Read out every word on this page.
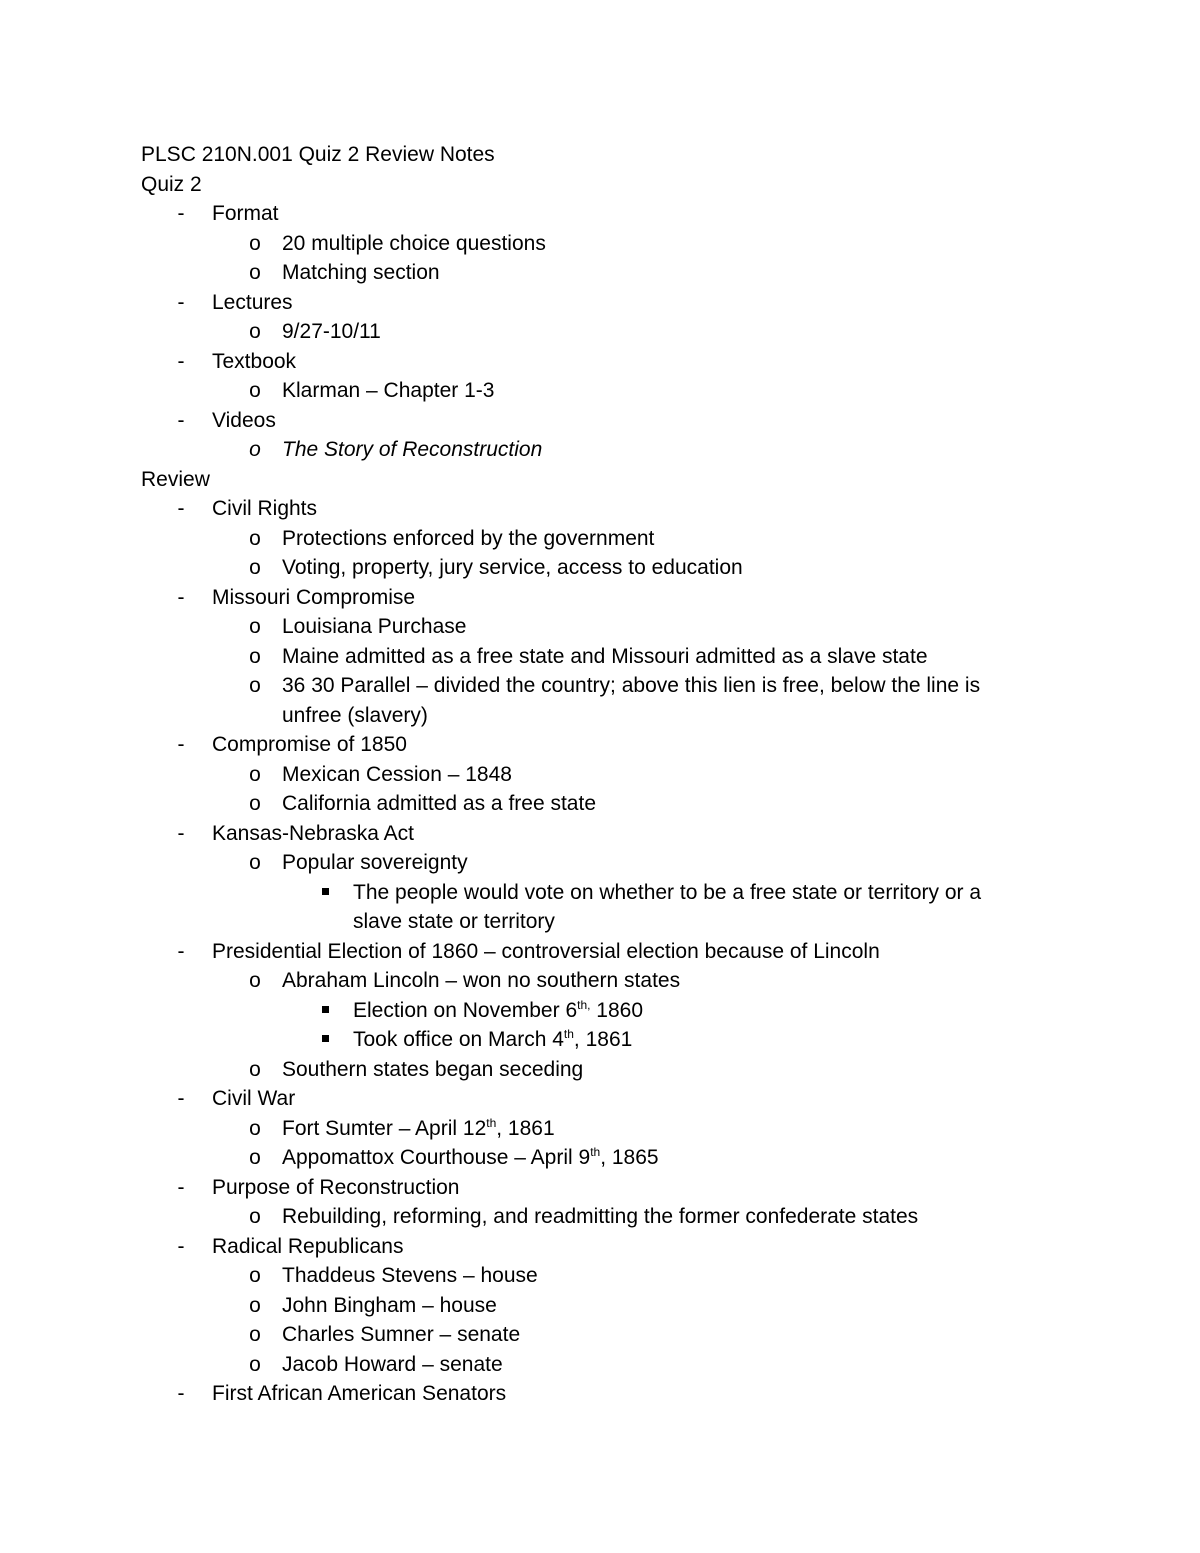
PLSC 210N.001 Quiz 2 Review Notes
Quiz 2
- Format
o 20 multiple choice questions
o Matching section
- Lectures
o 9/27-10/11
- Textbook
o Klarman – Chapter 1-3
- Videos
o The Story of Reconstruction
Review
- Civil Rights
o Protections enforced by the government
o Voting, property, jury service, access to education
- Missouri Compromise
o Louisiana Purchase
o Maine admitted as a free state and Missouri admitted as a slave state
o 36 30 Parallel – divided the country; above this lien is free, below the line is
unfree (slavery)
- Compromise of 1850
o Mexican Cession – 1848
o California admitted as a free state
- Kansas-Nebraska Act
o Popular sovereignty
The people would vote on whether to be a free state or territory or a
slave state or territory
- Presidential Election of 1860 – controversial election because of Lincoln
o Abraham Lincoln – won no southern states
Election on November $6^{th,}$ 1860
Took office on March 4th, 1861
o Southern states began seceding
- Civil War
o Fort Sumter – April 12th, 1861
o Appomattox Courthouse – April 9th, 1865
- Purpose of Reconstruction
o Rebuilding, reforming, and readmitting the former confederate states
- Radical Republicans
o Thaddeus Stevens – house
o John Bingham – house
o Charles Sumner – senate
o Jacob Howard – senate
- First African American Senators
